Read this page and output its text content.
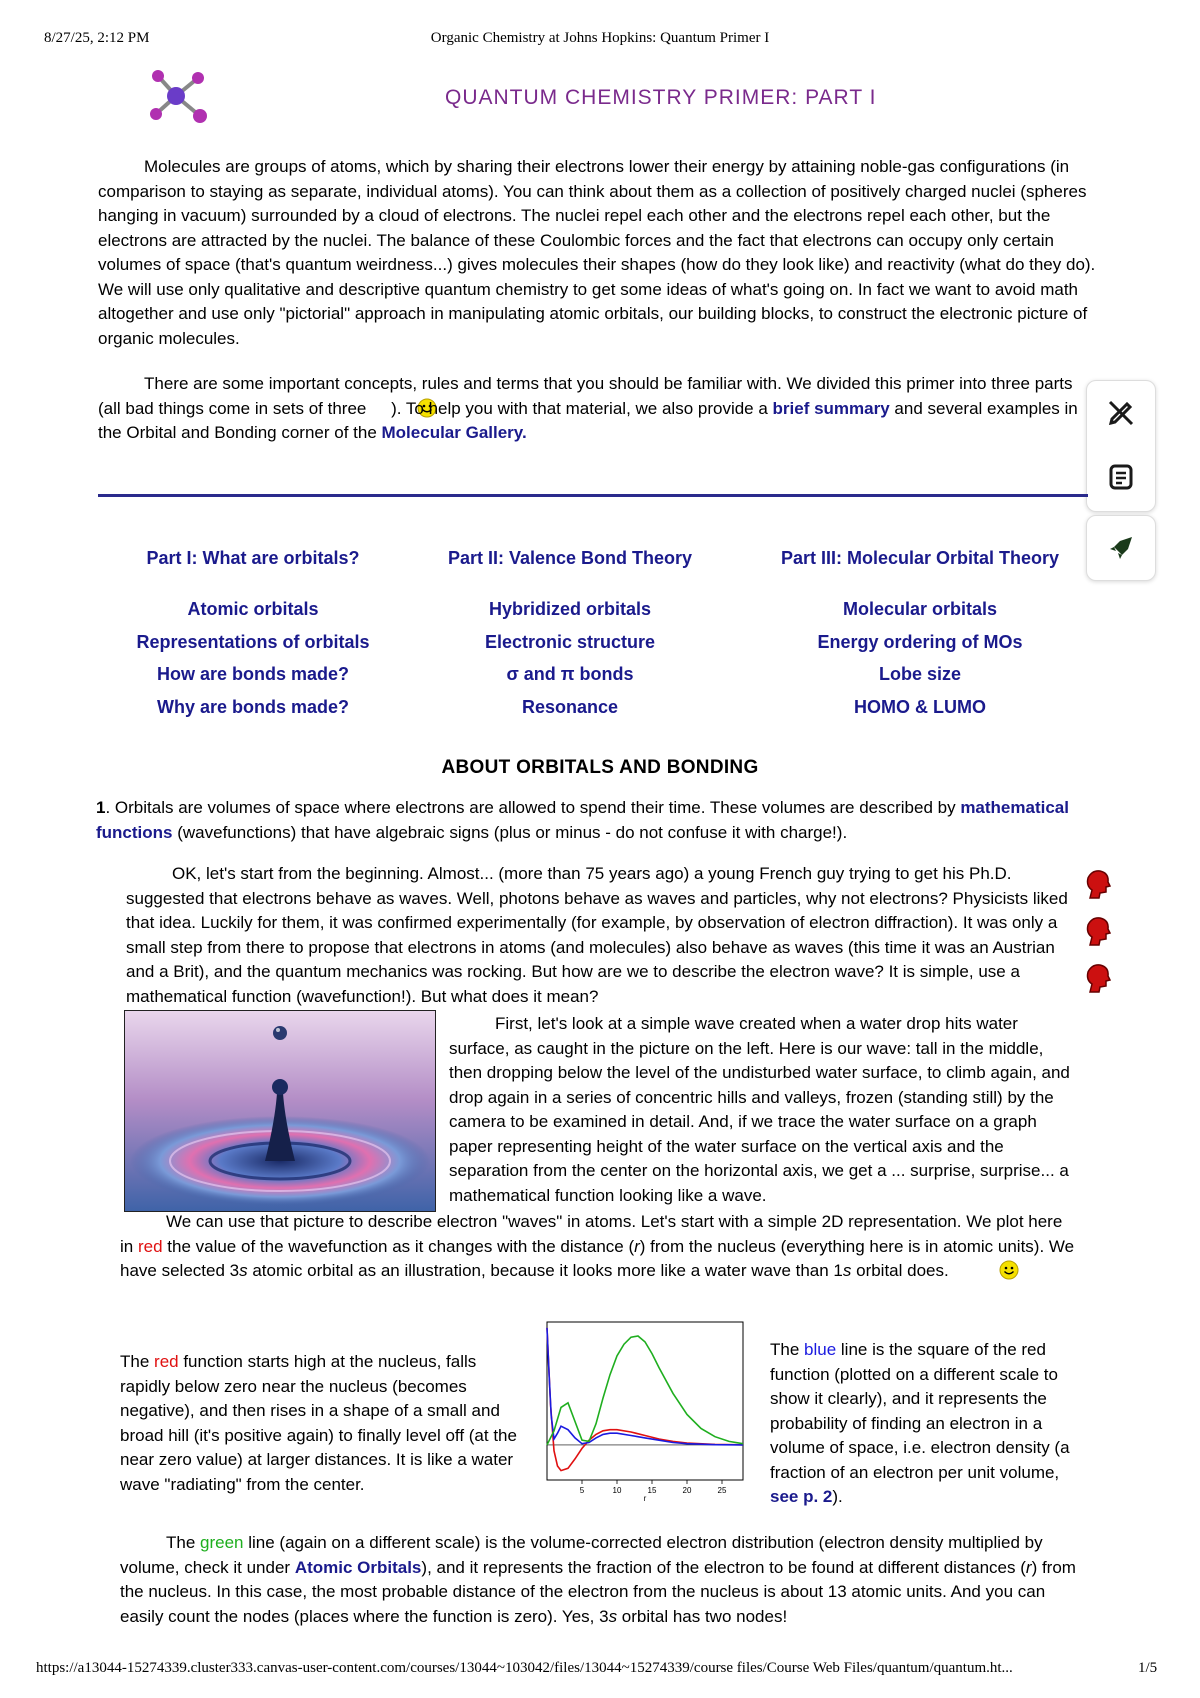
8/27/25, 2:12 PM	Organic Chemistry at Johns Hopkins: Quantum Primer I
QUANTUM CHEMISTRY PRIMER: PART I

Molecules are groups of atoms, which by sharing their electrons lower their energy by attaining noble-gas configurations (in comparison to staying as separate, individual atoms). You can think about them as a collection of positively charged nuclei (spheres hanging in vacuum) surrounded by a cloud of electrons. The nuclei repel each other and the electrons repel each other, but the electrons are attracted by the nuclei. The balance of these Coulombic forces and the fact that electrons can occupy only certain volumes of space (that's quantum weirdness...) gives molecules their shapes (how do they look like) and reactivity (what do they do). We will use only qualitative and descriptive quantum chemistry to get some ideas of what's going on. In fact we want to avoid math altogether and use only "pictorial" approach in manipulating atomic orbitals, our building blocks, to construct the electronic picture of organic molecules.

There are some important concepts, rules and terms that you should be familiar with. We divided this primer into three parts (all bad things come in sets of three ). To help you with that material, we also provide a brief summary and several examples in the Orbital and Bonding corner of the Molecular Gallery.

Part I: What are orbitals?
Atomic orbitals
Representations of orbitals
How are bonds made?
Why are bonds made?
Part II: Valence Bond Theory
Hybridized orbitals
Electronic structure
σ and π bonds
Resonance
Part III: Molecular Orbital Theory
Molecular orbitals
Energy ordering of MOs
Lobe size
HOMO & LUMO
ABOUT ORBITALS AND BONDING

1. Orbitals are volumes of space where electrons are allowed to spend their time. These volumes are described by mathematical functions (wavefunctions) that have algebraic signs (plus or minus - do not confuse it with charge!).

OK, let's start from the beginning. Almost... (more than 75 years ago) a young French guy trying to get his Ph.D. suggested that electrons behave as waves. Well, photons behave as waves and particles, why not electrons? Physicists liked that idea. Luckily for them, it was confirmed experimentally (for example, by observation of electron diffraction). It was only a small step from there to propose that electrons in atoms (and molecules) also behave as waves (this time it was an Austrian and a Brit), and the quantum mechanics was rocking. But how are we to describe the electron wave? It is simple, use a mathematical function (wavefunction!). But what does it mean?

First, let's look at a simple wave created when a water drop hits water surface, as caught in the picture on the left. Here is our wave: tall in the middle, then dropping below the level of the undisturbed water surface, to climb again, and drop again in a series of concentric hills and valleys, frozen (standing still) by the camera to be examined in detail. And, if we trace the water surface on a graph paper representing height of the water surface on the vertical axis and the separation from the center on the horizontal axis, we get a ... surprise, surprise... a mathematical function looking like a wave.

We can use that picture to describe electron "waves" in atoms. Let's start with a simple 2D representation. We plot here in red the value of the wavefunction as it changes with the distance (r) from the nucleus (everything here is in atomic units). We have selected 3s atomic orbital as an illustration, because it looks more like a water wave than 1s orbital does.

The red function starts high at the nucleus, falls rapidly below zero near the nucleus (becomes negative), and then rises in a shape of a small and broad hill (it's positive again) to finally level off (at the near zero value) at larger distances. It is like a water wave "radiating" from the center.	5	10	15	20	25
r

The blue line is the square of the red function (plotted on a different scale to show it clearly), and it represents the probability of finding an electron in a volume of space, i.e. electron density (a fraction of an electron per unit volume, see p. 2).

The green line (again on a different scale) is the volume-corrected electron distribution (electron density multiplied by volume, check it under Atomic Orbitals), and it represents the fraction of the electron to be found at different distances (r) from the nucleus. In this case, the most probable distance of the electron from the nucleus is about 13 atomic units. And you can easily count the nodes (places where the function is zero). Yes, 3s orbital has two nodes!

https://a13044-15274339.cluster333.canvas-user-content.com/courses/13044~103042/files/13044~15274339/course files/Course Web Files/quantum/quantum.ht...	1/5
